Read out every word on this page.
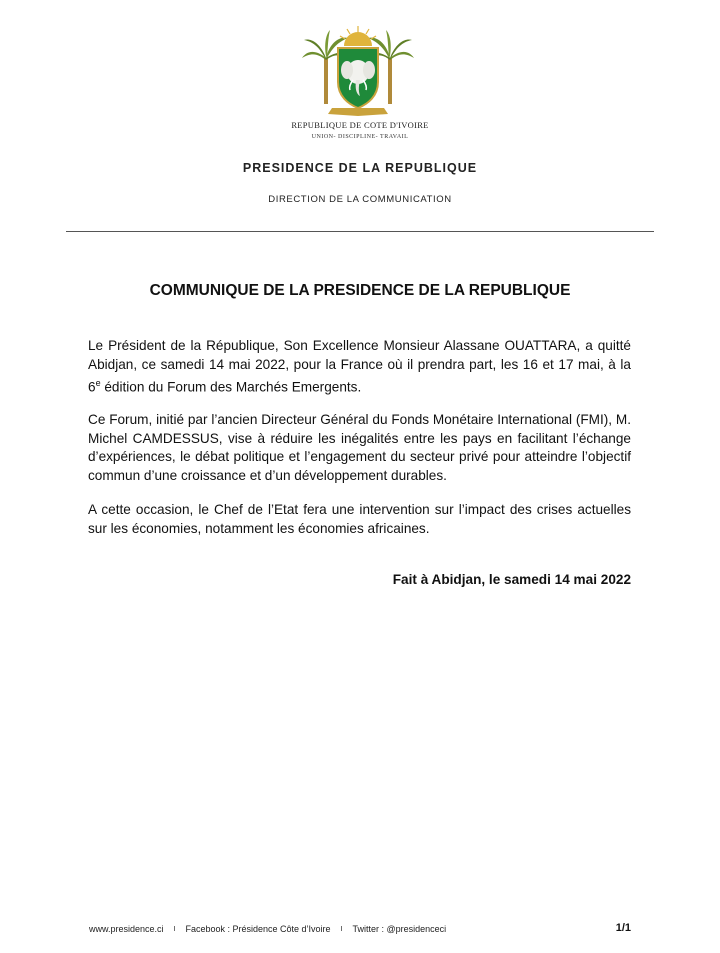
REPUBLIQUE DE COTE D'IVOIRE
UNION- DISCIPLINE- TRAVAIL
PRESIDENCE DE LA REPUBLIQUE
DIRECTION DE LA COMMUNICATION
COMMUNIQUE DE LA PRESIDENCE DE LA REPUBLIQUE
Le Président de la République, Son Excellence Monsieur Alassane OUATTARA, a quitté Abidjan, ce samedi 14 mai 2022, pour la France où il prendra part, les 16 et 17 mai, à la 6e édition du Forum des Marchés Emergents.
Ce Forum, initié par l’ancien Directeur Général du Fonds Monétaire International (FMI), M. Michel CAMDESSUS, vise à réduire les inégalités entre les pays en facilitant l’échange d’expériences, le débat politique et l’engagement du secteur privé pour atteindre l’objectif commun d’une croissance et d’un développement durables.
A cette occasion, le Chef de l’Etat fera une intervention sur l’impact des crises actuelles sur les économies, notamment les économies africaines.
Fait à Abidjan, le samedi 14 mai 2022
www.presidence.ci I Facebook : Présidence Côte d’Ivoire I Twitter : @presidenceci	1/1
